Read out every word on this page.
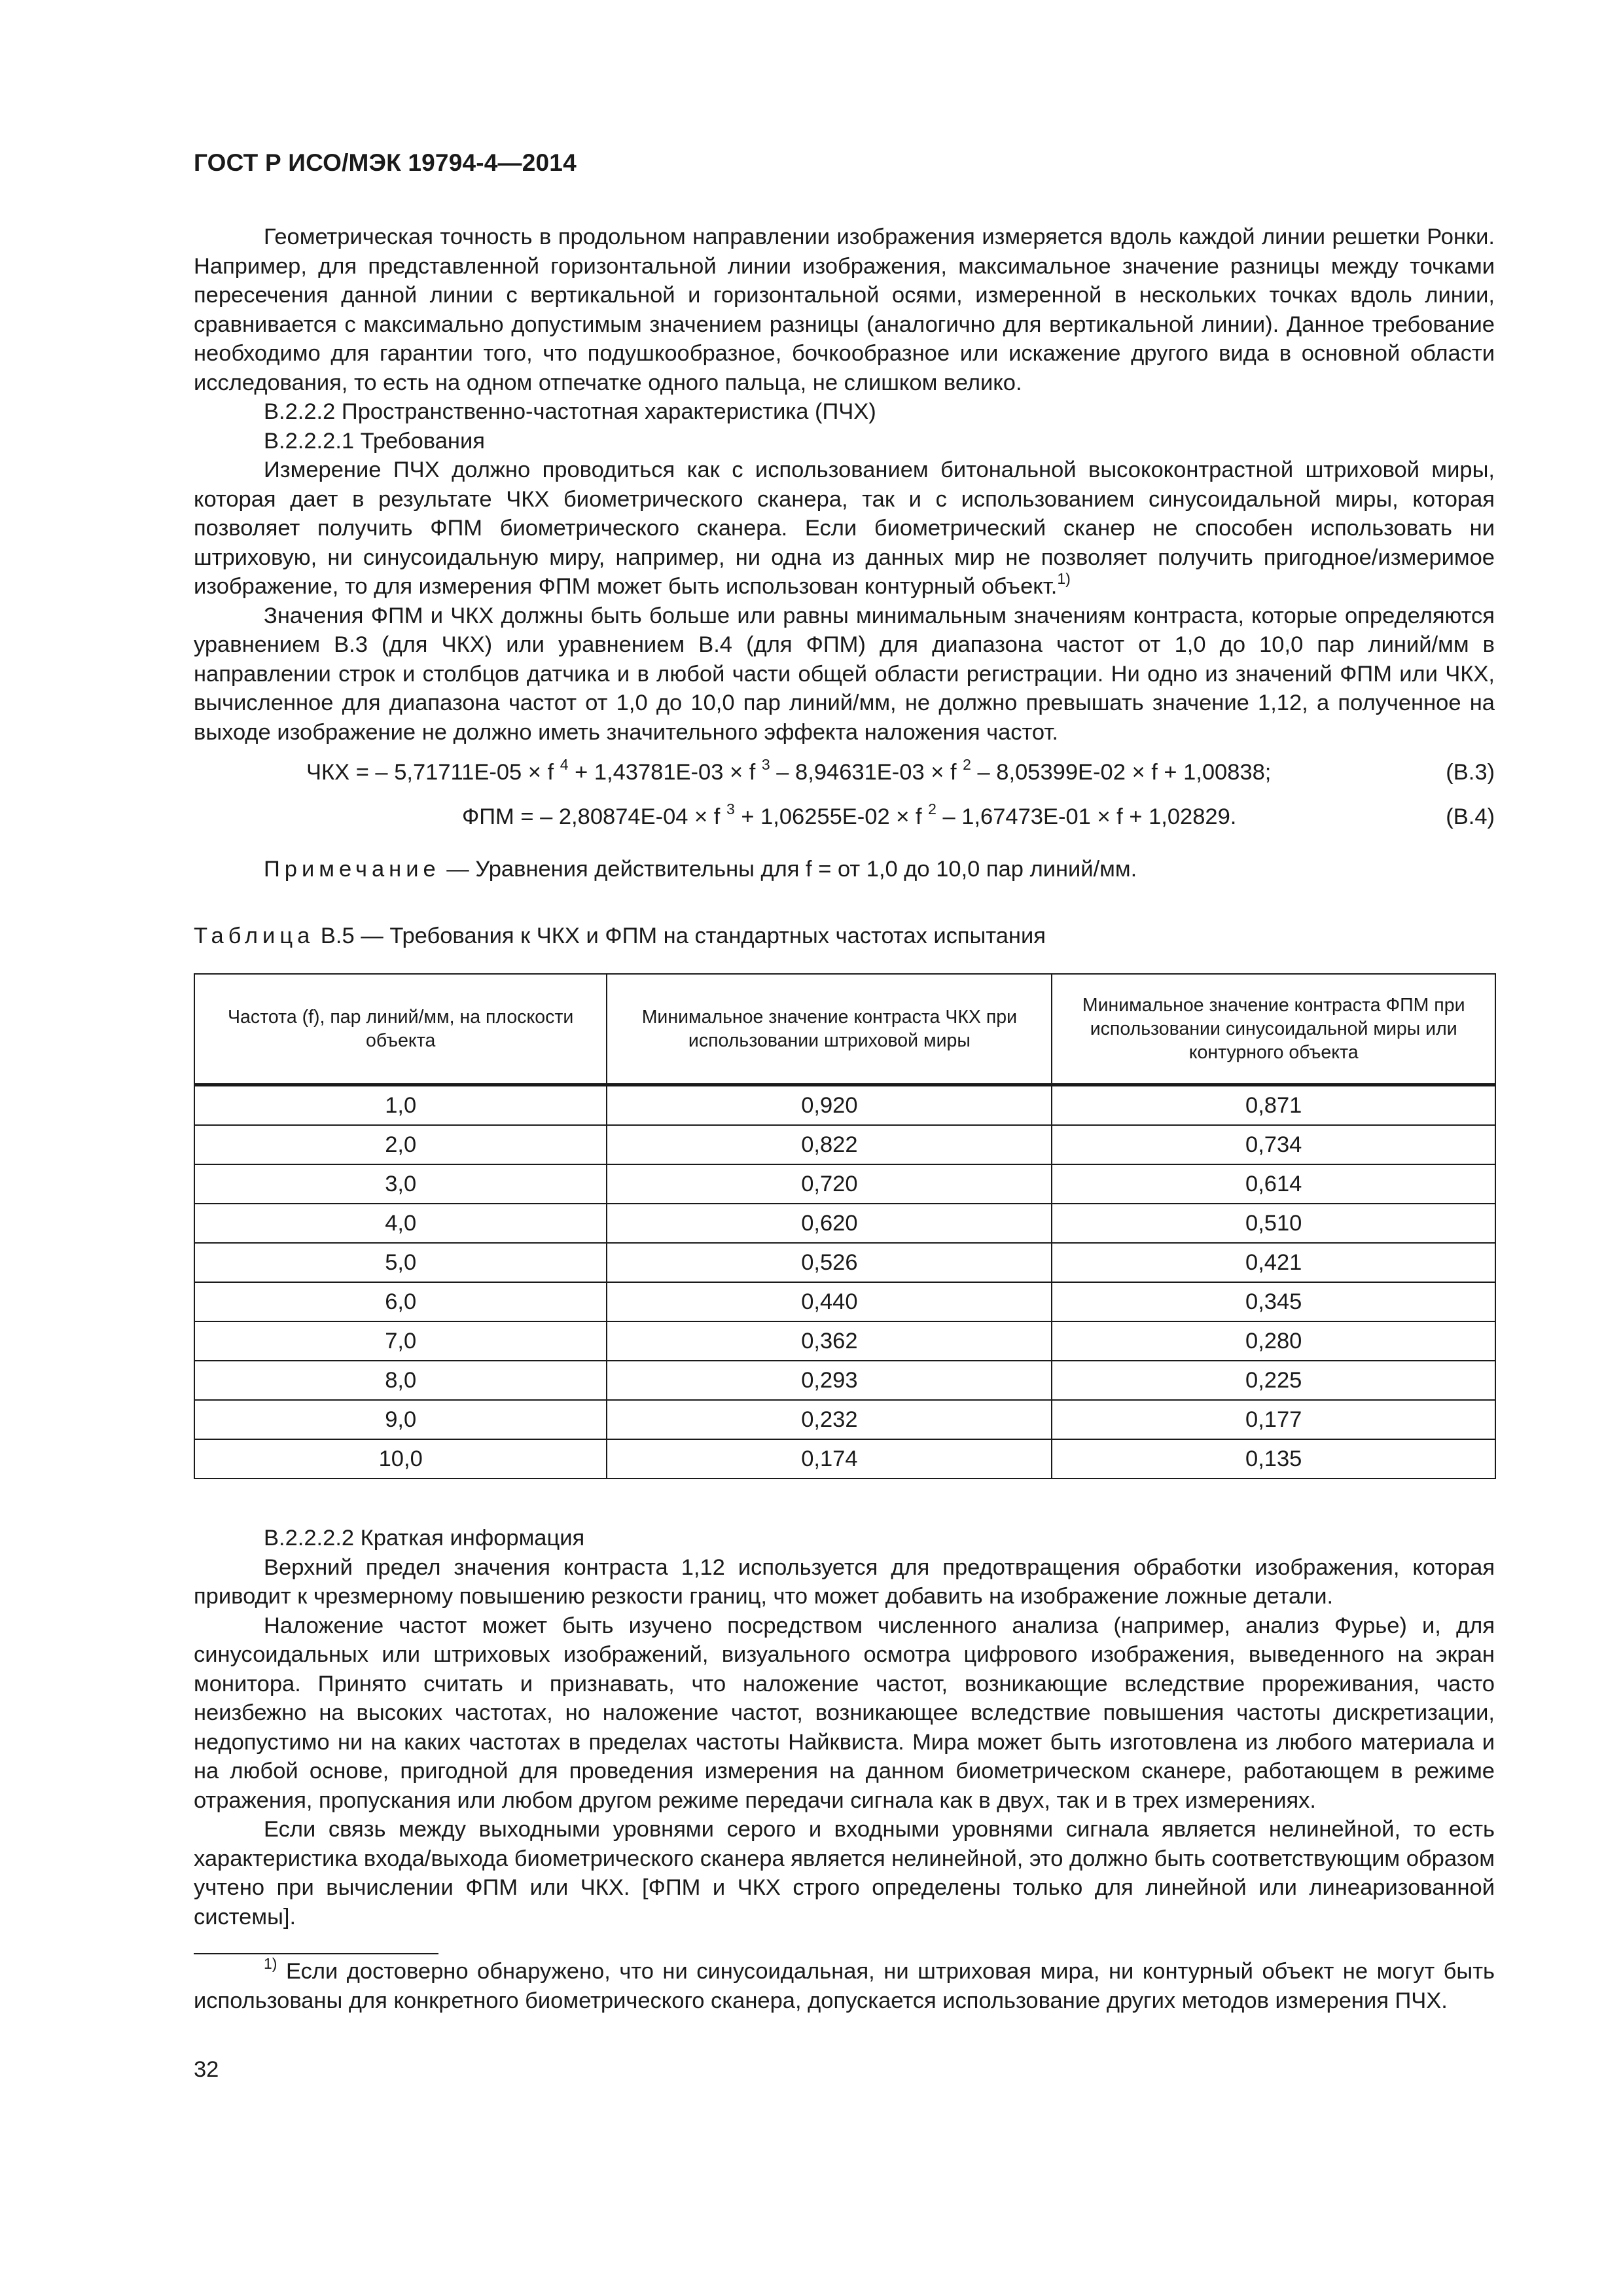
ГОСТ Р ИСО/МЭК 19794-4—2014

Геометрическая точность в продольном направлении изображения измеряется вдоль каждой линии решетки Ронки. Например, для представленной горизонтальной линии изображения, максимальное значение разницы между точками пересечения данной линии с вертикальной и горизонтальной осями, измеренной в нескольких точках вдоль линии, сравнивается с максимально допустимым значением разницы (аналогично для вертикальной линии). Данное требование необходимо для гарантии того, что подушкообразное, бочкообразное или искажение другого вида в основной области исследования, то есть на одном отпечатке одного пальца, не слишком велико.

В.2.2.2 Пространственно-частотная характеристика (ПЧХ)

В.2.2.2.1 Требования

Измерение ПЧХ должно проводиться как с использованием битональной высококонтрастной штриховой миры, которая дает в результате ЧКХ биометрического сканера, так и с использованием синусоидальной миры, которая позволяет получить ФПМ биометрического сканера. Если биометрический сканер не способен использовать ни штриховую, ни синусоидальную миру, например, ни одна из данных мир не позволяет получить пригодное/измеримое изображение, то для измерения ФПМ может быть использован контурный объект.$^{1)}$

Значения ФПМ и ЧКХ должны быть больше или равны минимальным значениям контраста, которые определяются уравнением В.3 (для ЧКХ) или уравнением В.4 (для ФПМ) для диапазона частот от 1,0 до 10,0 пар линий/мм в направлении строк и столбцов датчика и в любой части общей области регистрации. Ни одно из значений ФПМ или ЧКХ, вычисленное для диапазона частот от 1,0 до 10,0 пар линий/мм, не должно превышать значение 1,12, а полученное на выходе изображение не должно иметь значительного эффекта наложения частот.

ЧКХ = – 5,71711E-05 × f $^4$ + 1,43781E-03 × f $^3$ – 8,94631E-03 × f $^2$ – 8,05399E-02 × f + 1,00838;	(В.3)
ФПМ = – 2,80874E-04 × f $^3$ + 1,06255E-02 × f $^2$ – 1,67473E-01 × f + 1,02829.	(В.4)
Примечание — Уравнения действительны для f = от 1,0 до 10,0 пар линий/мм.
Таблица В.5 — Требования к ЧКХ и ФПМ на стандартных частотах испытания
Частота (f), пар линий/мм, на плоскости объекта	Минимальное значение контраста ЧКХ при использовании штриховой миры	Минимальное значение контраста ФПМ при использовании синусоидальной миры или контурного объекта
1,0	0,920	0,871
2,0	0,822	0,734
3,0	0,720	0,614
4,0	0,620	0,510
5,0	0,526	0,421
6,0	0,440	0,345
7,0	0,362	0,280
8,0	0,293	0,225
9,0	0,232	0,177
10,0	0,174	0,135

В.2.2.2.2 Краткая информация

Верхний предел значения контраста 1,12 используется для предотвращения обработки изображения, которая приводит к чрезмерному повышению резкости границ, что может добавить на изображение ложные детали.

Наложение частот может быть изучено посредством численного анализа (например, анализ Фурье) и, для синусоидальных или штриховых изображений, визуального осмотра цифрового изображения, выведенного на экран монитора. Принято считать и признавать, что наложение частот, возникающие вследствие прореживания, часто неизбежно на высоких частотах, но наложение частот, возникающее вследствие повышения частоты дискретизации, недопустимо ни на каких частотах в пределах частоты Найквиста. Мира может быть изготовлена из любого материала и на любой основе, пригодной для проведения измерения на данном биометрическом сканере, работающем в режиме отражения, пропускания или любом другом режиме передачи сигнала как в двух, так и в трех измерениях.

Если связь между выходными уровнями серого и входными уровнями сигнала является нелинейной, то есть характеристика входа/выхода биометрического сканера является нелинейной, это должно быть соответствующим образом учтено при вычислении ФПМ или ЧКХ. [ФПМ и ЧКХ строго определены только для линейной или линеаризованной системы].

$^{1)}$ Если достоверно обнаружено, что ни синусоидальная, ни штриховая мира, ни контурный объект не могут быть использованы для конкретного биометрического сканера, допускается использование других методов измерения ПЧХ.

32
